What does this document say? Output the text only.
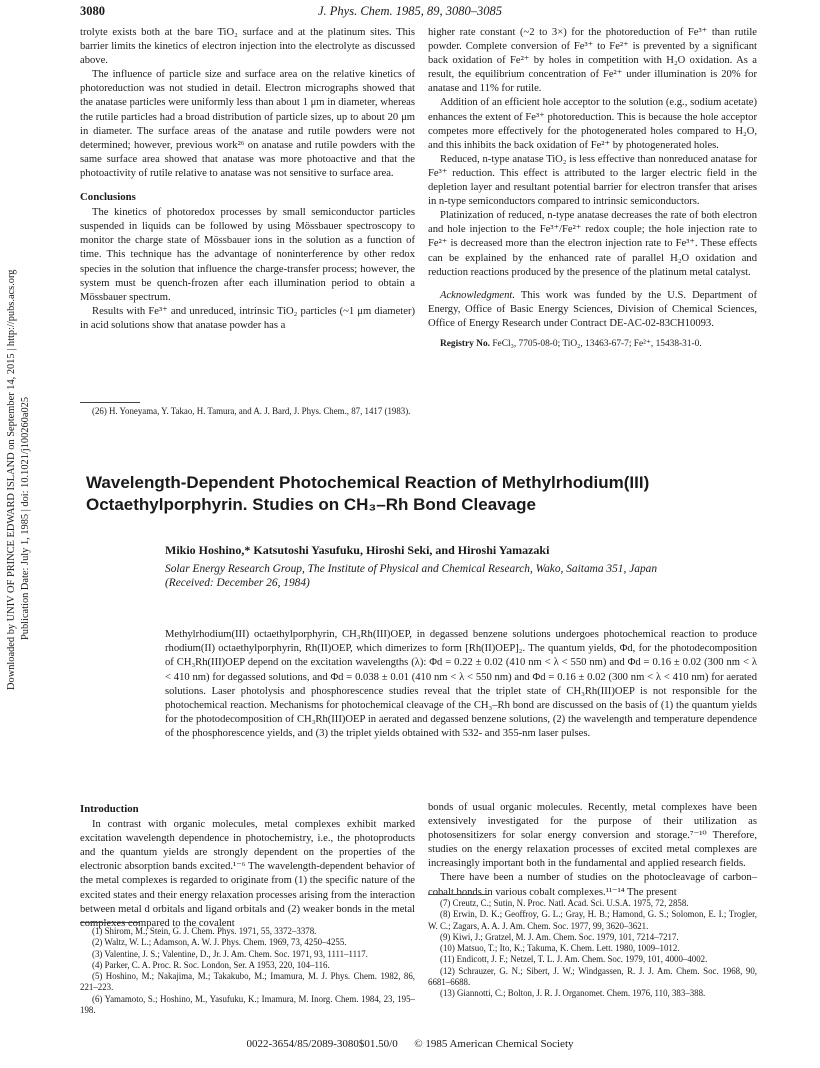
Downloaded by UNIV OF PRINCE EDWARD ISLAND on September 14, 2015 | http://pubs.acs.org Publication Date: July 1, 1985 | doi: 10.1021/j100260a025
3080	J. Phys. Chem. 1985, 89, 3080–3085

trolyte exists both at the bare TiO₂ surface and at the platinum sites. This barrier limits the kinetics of electron injection into the electrolyte as discussed above.

The influence of particle size and surface area on the relative kinetics of photoreduction was not studied in detail. Electron micrographs showed that the anatase particles were uniformly less than about 1 μm in diameter, whereas the rutile particles had a broad distribution of particle sizes, up to about 20 μm in diameter. The surface areas of the anatase and rutile powders were not determined; however, previous work²⁶ on anatase and rutile powders with the same surface area showed that anatase was more photoactive and that the photoactivity of rutile relative to anatase was not sensitive to surface area.

Conclusions

The kinetics of photoredox processes by small semiconductor particles suspended in liquids can be followed by using Mössbauer spectroscopy to monitor the charge state of Mössbauer ions in the solution as a function of time. This technique has the advantage of noninterference by other redox species in the solution that influence the charge-transfer process; however, the system must be quench-frozen after each illumination period to obtain a Mössbauer spectrum.

Results with Fe³⁺ and unreduced, intrinsic TiO₂ particles (~1 μm diameter) in acid solutions show that anatase powder has a

(26) H. Yoneyama, Y. Takao, H. Tamura, and A. J. Bard, J. Phys. Chem., 87, 1417 (1983).

higher rate constant (~2 to 3×) for the photoreduction of Fe³⁺ than rutile powder. Complete conversion of Fe³⁺ to Fe²⁺ is prevented by a significant back oxidation of Fe²⁺ by holes in competition with H₂O oxidation. As a result, the equilibrium concentration of Fe²⁺ under illumination is 20% for anatase and 11% for rutile.

Addition of an efficient hole acceptor to the solution (e.g., sodium acetate) enhances the extent of Fe³⁺ photoreduction. This is because the hole acceptor competes more effectively for the photogenerated holes compared to H₂O, and this inhibits the back oxidation of Fe²⁺ by photogenerated holes.

Reduced, n-type anatase TiO₂ is less effective than nonreduced anatase for Fe³⁺ reduction. This effect is attributed to the larger electric field in the depletion layer and resultant potential barrier for electron transfer that arises in n-type semiconductors compared to intrinsic semiconductors.

Platinization of reduced, n-type anatase decreases the rate of both electron and hole injection to the Fe³⁺/Fe²⁺ redox couple; the hole injection rate to Fe²⁺ is decreased more than the electron injection rate to Fe³⁺. These effects can be explained by the enhanced rate of parallel H₂O oxidation and reduction reactions produced by the presence of the platinum metal catalyst.

Acknowledgment. This work was funded by the U.S. Department of Energy, Office of Basic Energy Sciences, Division of Chemical Sciences, Office of Energy Research under Contract DE-AC-02-83CH10093.

Registry No. FeCl₃, 7705-08-0; TiO₂, 13463-67-7; Fe²⁺, 15438-31-0.

Wavelength-Dependent Photochemical Reaction of Methylrhodium(III)
Octaethylporphyrin. Studies on CH₃–Rh Bond Cleavage
Mikio Hoshino,* Katsutoshi Yasufuku, Hiroshi Seki, and Hiroshi Yamazaki
Solar Energy Research Group, The Institute of Physical and Chemical Research, Wako, Saitama 351, Japan
(Received: December 26, 1984)
Methylrhodium(III) octaethylporphyrin, CH₃Rh(III)OEP, in degassed benzene solutions undergoes photochemical reaction to produce rhodium(II) octaethylporphyrin, Rh(II)OEP, which dimerizes to form [Rh(II)OEP]₂. The quantum yields, Φd, for the photodecomposition of CH₃Rh(III)OEP depend on the excitation wavelengths (λ): Φd = 0.22 ± 0.02 (410 nm < λ < 550 nm) and Φd = 0.16 ± 0.02 (300 nm < λ < 410 nm) for degassed solutions, and Φd = 0.038 ± 0.01 (410 nm < λ < 550 nm) and Φd = 0.16 ± 0.02 (300 nm < λ < 410 nm) for aerated solutions. Laser photolysis and phosphorescence studies reveal that the triplet state of CH₃Rh(III)OEP is not responsible for the photochemical reaction. Mechanisms for photochemical cleavage of the CH₃–Rh bond are discussed on the basis of (1) the quantum yields for the photodecomposition of CH₃Rh(III)OEP in aerated and degassed benzene solutions, (2) the wavelength and temperature dependence of the phosphorescence yields, and (3) the triplet yields obtained with 532- and 355-nm laser pulses.
Introduction

In contrast with organic molecules, metal complexes exhibit marked excitation wavelength dependence in photochemistry, i.e., the photoproducts and the quantum yields are strongly dependent on the properties of the electronic absorption bands excited.¹⁻⁶ The wavelength-dependent behavior of the metal complexes is regarded to originate from (1) the specific nature of the excited states and their energy relaxation processes arising from the interaction between metal d orbitals and ligand orbitals and (2) weaker bonds in the metal complexes compared to the covalent

(1) Shirom, M.; Stein, G. J. Chem. Phys. 1971, 55, 3372–3378.
(2) Waltz, W. L.; Adamson, A. W. J. Phys. Chem. 1969, 73, 4250–4255.
(3) Valentine, J. S.; Valentine, D., Jr. J. Am. Chem. Soc. 1971, 93, 1111–1117.
(4) Parker, C. A. Proc. R. Soc. London, Ser. A 1953, 220, 104–116.
(5) Hoshino, M.; Nakajima, M.; Takakubo, M.; Imamura, M. J. Phys. Chem. 1982, 86, 221–223.
(6) Yamamoto, S.; Hoshino, M., Yasufuku, K.; Imamura, M. Inorg. Chem. 1984, 23, 195–198.

bonds of usual organic molecules. Recently, metal complexes have been extensively investigated for the purpose of their utilization as photosensitizers for solar energy conversion and storage.⁷⁻¹⁰ Therefore, studies on the energy relaxation processes of excited metal complexes are increasingly important both in the fundamental and applied research fields.

There have been a number of studies on the photocleavage of carbon–cobalt bonds in various cobalt complexes.¹¹⁻¹⁴ The present

(7) Creutz, C.; Sutin, N. Proc. Natl. Acad. Sci. U.S.A. 1975, 72, 2858.
(8) Erwin, D. K.; Geoffroy, G. L.; Gray, H. B.; Hamond, G. S.; Solomon, E. I.; Trogler, W. C.; Zagars, A. A. J. Am. Chem. Soc. 1977, 99, 3620–3621.
(9) Kiwi, J.; Gratzel, M. J. Am. Chem. Soc. 1979, 101, 7214–7217.
(10) Matsuo, T.; Ito, K.; Takuma, K. Chem. Lett. 1980, 1009–1012.
(11) Endicott, J. F.; Netzel, T. L. J. Am. Chem. Soc. 1979, 101, 4000–4002.
(12) Schrauzer, G. N.; Sibert, J. W.; Windgassen, R. J. J. Am. Chem. Soc. 1968, 90, 6681–6688.
(13) Giannotti, C.; Bolton, J. R. J. Organomet. Chem. 1976, 110, 383–388.
0022-3654/85/2089-3080$01.50/0 © 1985 American Chemical Society
